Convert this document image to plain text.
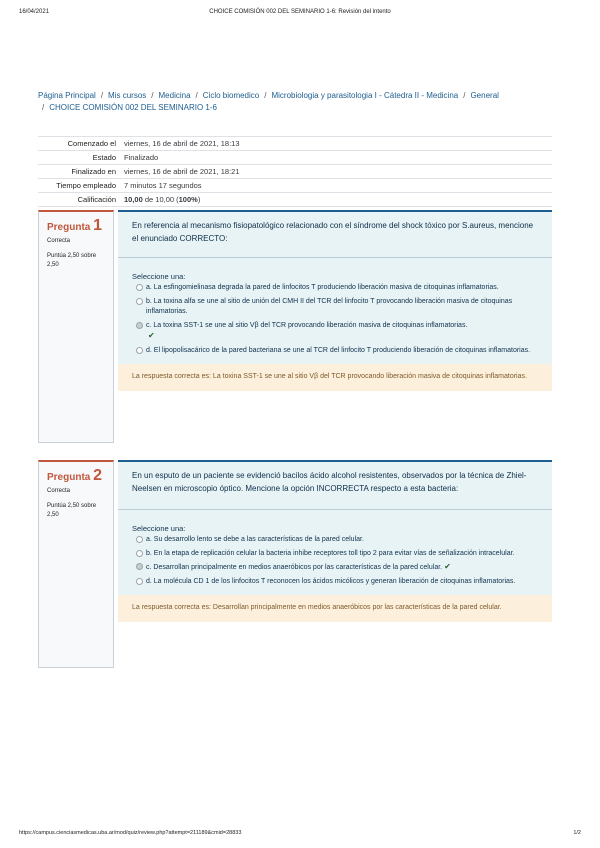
16/04/2021	CHOICE COMISIÓN 002 DEL SEMINARIO 1-6: Revisión del intento
Página Principal / Mis cursos / Medicina / Ciclo biomedico / Microbiologia y parasitologia I - Cátedra II - Medicina / General
/ CHOICE COMISIÓN 002 DEL SEMINARIO 1-6
Comenzado el	viernes, 16 de abril de 2021, 18:13
Estado	Finalizado
Finalizado en	viernes, 16 de abril de 2021, 18:21
Tiempo empleado	7 minutos 17 segundos
Calificación	10,00 de 10,00 (100%)
Pregunta 1
Correcta
Puntúa 2,50 sobre 2,50
En referencia al mecanismo fisiopatológico relacionado con el síndrome del shock tóxico por S.aureus, mencione el enunciado CORRECTO:
Seleccione una:
a. La esfingomielinasa degrada la pared de linfocitos T produciendo liberación masiva de citoquinas inflamatorias.
b. La toxina alfa se une al sitio de unión del CMH II del TCR del linfocito T provocando liberación masiva de citoquinas inflamatorias.
c. La toxina SST-1 se une al sitio Vβ del TCR provocando liberación masiva de citoquinas inflamatorias.
✔
d. El lipopolisacárico de la pared bacteriana se une al TCR del linfocito T produciendo liberación de citoquinas inflamatorias.
La respuesta correcta es: La toxina SST-1 se une al sitio Vβ del TCR provocando liberación masiva de citoquinas inflamatorias.
Pregunta 2
Correcta
Puntúa 2,50 sobre 2,50
En un esputo de un paciente se evidenció bacilos ácido alcohol resistentes, observados por la técnica de Zhiel-Neelsen en microscopio óptico. Mencione la opción INCORRECTA respecto a esta bacteria:
Seleccione una:
a. Su desarrollo lento se debe a las características de la pared celular.
b. En la etapa de replicación celular la bacteria inhibe receptores toll tipo 2 para evitar vías de señalización intracelular.
c. Desarrollan principalmente en medios anaeróbicos por las características de la pared celular. ✔
d. La molécula CD 1 de los linfocitos T reconocen los ácidos micólicos y generan liberación de citoquinas inflamatorias.
La respuesta correcta es: Desarrollan principalmente en medios anaeróbicos por las características de la pared celular.
https://campus.cienciasmedicas.uba.ar/mod/quiz/review.php?attempt=211189&cmid=28833	1/2
